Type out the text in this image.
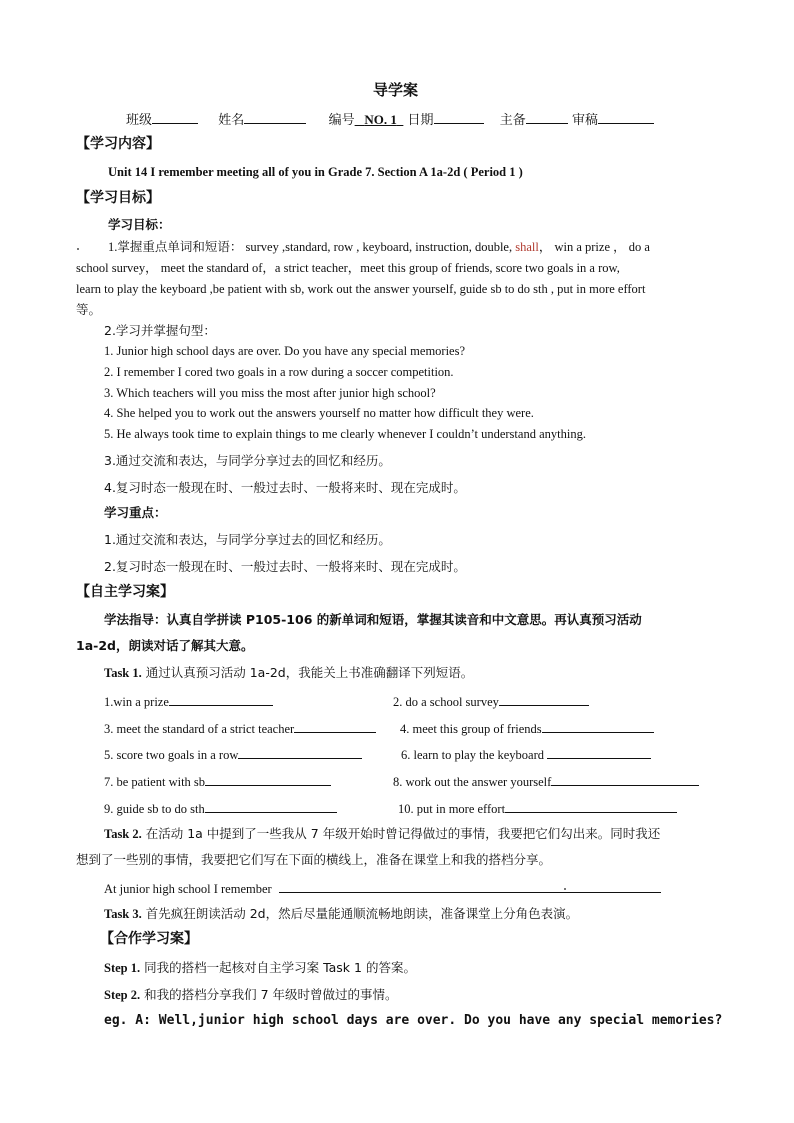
导学案
班级	姓名	编号 NO. 1 日期	主备	审稿
【学习内容】
Unit 14 I remember meeting all of you in Grade 7. Section A 1a-2d ( Period 1 )
【学习目标】
学习目标：
1.掌握重点单词和短语： survey ,standard, row , keyboard, instruction, double, shall， win a prize ， do a
school survey， meet the standard of，a strict teacher，meet this group of friends, score two goals in a row,
learn to play the keyboard ,be patient with sb, work out the answer yourself, guide sb to do sth , put in more effort
等。
2.学习并掌握句型：
1. Junior high school days are over. Do you have any special memories?
2. I remember I cored two goals in a row during a soccer competition.
3. Which teachers will you miss the most after junior high school?
4. She helped you to work out the answers yourself no matter how difficult they were.
5. He always took time to explain things to me clearly whenever I couldn’t understand anything.
3.通过交流和表达，与同学分享过去的回忆和经历。
4.复习时态一般现在时、一般过去时、一般将来时、现在完成时。
学习重点：
1.通过交流和表达，与同学分享过去的回忆和经历。
2.复习时态一般现在时、一般过去时、一般将来时、现在完成时。
【自主学习案】
学法指导：认真自学拼读 P105-106 的新单词和短语，掌握其读音和中文意思。再认真预习活动
1a-2d，朗读对话了解其大意。
Task 1. 通过认真预习活动 1a-2d，我能关上书准确翻译下列短语。
1.win a prize	2. do a school survey
3. meet the standard of a strict teacher	4. meet this group of friends
5. score two goals in a row	6. learn to play the keyboard
7. be patient with sb	8. work out the answer yourself
9. guide sb to do sth	10. put in more effort
Task 2. 在活动 1a 中提到了一些我从 7 年级开始时曾记得做过的事情，我要把它们勾出来。同时我还
想到了一些别的事情，我要把它们写在下面的横线上，准备在课堂上和我的搭档分享。
At junior high school I remember
Task 3. 首先疯狂朗读活动 2d，然后尽量能通顺流畅地朗读，准备课堂上分角色表演。
【合作学习案】
Step 1. 同我的搭档一起核对自主学习案 Task 1 的答案。
Step 2. 和我的搭档分享我们 7 年级时曾做过的事情。
eg. A: Well,junior high school days are over. Do you have any special memories?
